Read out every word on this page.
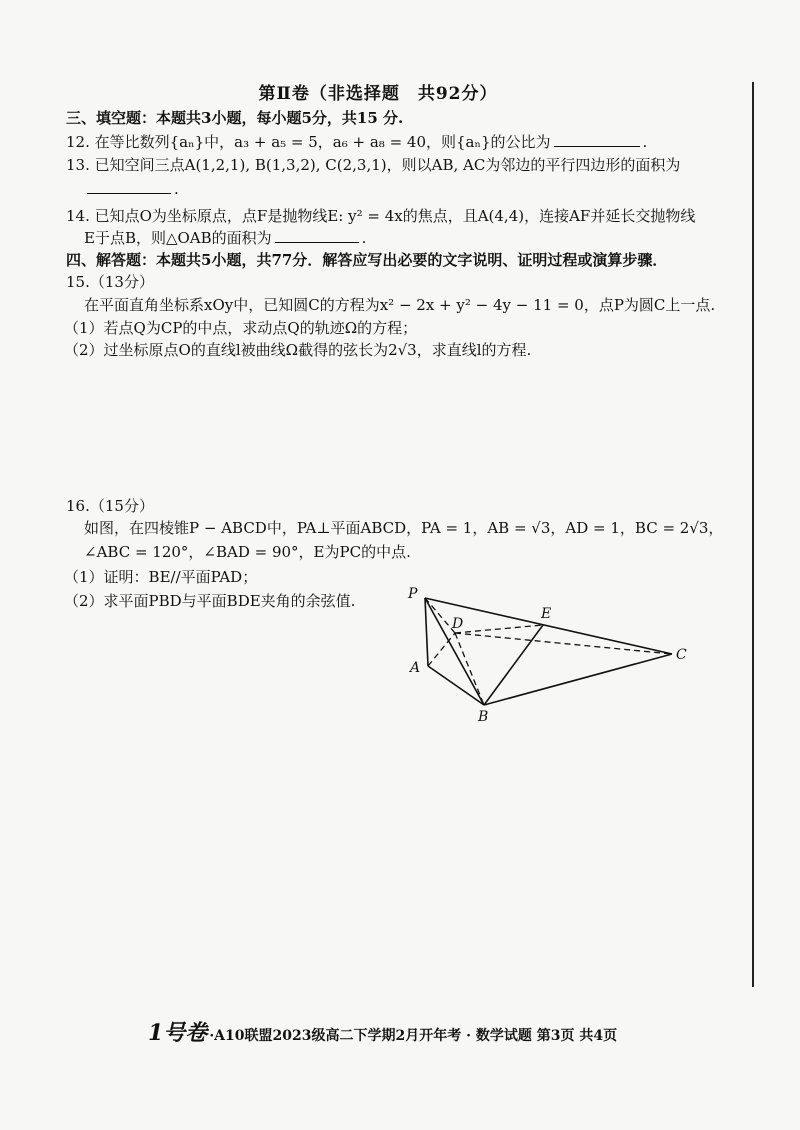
第Ⅱ卷（非选择题　共92分）
三、填空题：本题共3小题，每小题5分，共15 分.
12. 在等比数列{aₙ}中，a₃ + a₅ = 5，a₆ + a₈ = 40，则{aₙ}的公比为	.
13. 已知空间三点A(1,2,1), B(1,3,2), C(2,3,1)，则以AB, AC为邻边的平行四边形的面积为
.
14. 已知点O为坐标原点，点F是抛物线E: y² = 4x的焦点，且A(4,4)，连接AF并延长交抛物线
E于点B，则△OAB的面积为	.
四、解答题：本题共5小题，共77分．解答应写出必要的文字说明、证明过程或演算步骤．
15.（13分）
在平面直角坐标系xOy中，已知圆C的方程为x² − 2x + y² − 4y − 11 = 0，点P为圆C上一点.
（1）若点Q为CP的中点，求动点Q的轨迹Ω的方程；
（2）过坐标原点O的直线l被曲线Ω截得的弦长为2√3，求直线l的方程.
16.（15分）
如图，在四棱锥P − ABCD中，PA⊥平面ABCD，PA = 1，AB = √3，AD = 1，BC = 2√3，
∠ABC = 120°，∠BAD = 90°，E为PC的中点.
（1）证明：BE//平面PAD；
（2）求平面PBD与平面BDE夹角的余弦值.	P
E
D
A
B
C
1号卷 ·A10联盟2023级高二下学期2月开年考 · 数学试题 第3页 共4页
